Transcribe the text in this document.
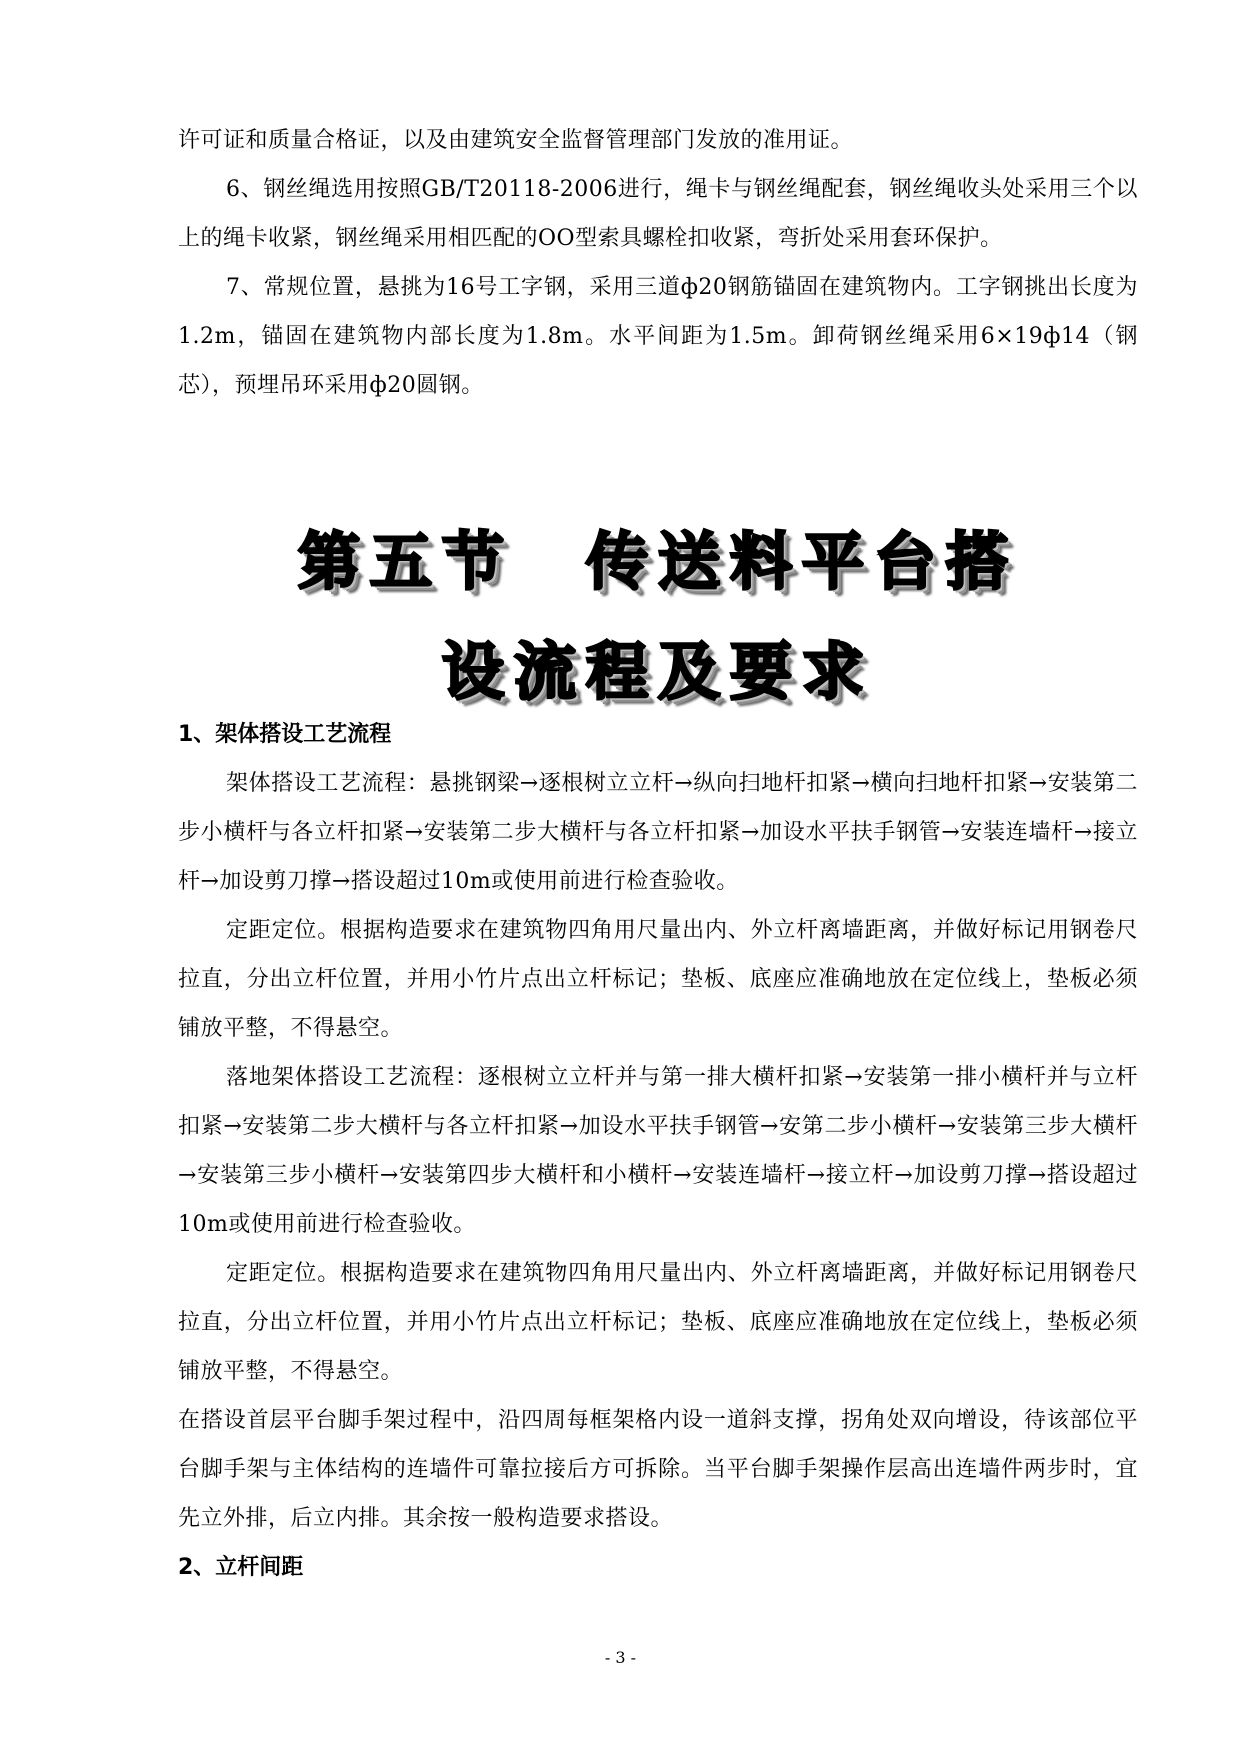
许可证和质量合格证，以及由建筑安全监督管理部门发放的准用证。

6、钢丝绳选用按照GB/T20118-2006进行，绳卡与钢丝绳配套，钢丝绳收头处采用三个以上的绳卡收紧，钢丝绳采用相匹配的OO型索具螺栓扣收紧，弯折处采用套环保护。

7、常规位置，悬挑为16号工字钢，采用三道ф20钢筋锚固在建筑物内。工字钢挑出长度为1.2m，锚固在建筑物内部长度为1.8m。水平间距为1.5m。卸荷钢丝绳采用6×19ф14（钢芯），预埋吊环采用ф20圆钢。

第五节　传送料平台搭
设流程及要求

1、架体搭设工艺流程

架体搭设工艺流程：悬挑钢梁→逐根树立立杆→纵向扫地杆扣紧→横向扫地杆扣紧→安装第二步小横杆与各立杆扣紧→安装第二步大横杆与各立杆扣紧→加设水平扶手钢管→安装连墙杆→接立杆→加设剪刀撑→搭设超过10m或使用前进行检查验收。

定距定位。根据构造要求在建筑物四角用尺量出内、外立杆离墙距离，并做好标记用钢卷尺拉直，分出立杆位置，并用小竹片点出立杆标记；垫板、底座应准确地放在定位线上，垫板必须铺放平整，不得悬空。

落地架体搭设工艺流程：逐根树立立杆并与第一排大横杆扣紧→安装第一排小横杆并与立杆扣紧→安装第二步大横杆与各立杆扣紧→加设水平扶手钢管→安第二步小横杆→安装第三步大横杆→安装第三步小横杆→安装第四步大横杆和小横杆→安装连墙杆→接立杆→加设剪刀撑→搭设超过10m或使用前进行检查验收。

定距定位。根据构造要求在建筑物四角用尺量出内、外立杆离墙距离，并做好标记用钢卷尺拉直，分出立杆位置，并用小竹片点出立杆标记；垫板、底座应准确地放在定位线上，垫板必须铺放平整，不得悬空。

在搭设首层平台脚手架过程中，沿四周每框架格内设一道斜支撑，拐角处双向增设，待该部位平台脚手架与主体结构的连墙件可靠拉接后方可拆除。当平台脚手架操作层高出连墙件两步时，宜先立外排，后立内排。其余按一般构造要求搭设。

2、立杆间距

- 3 -
